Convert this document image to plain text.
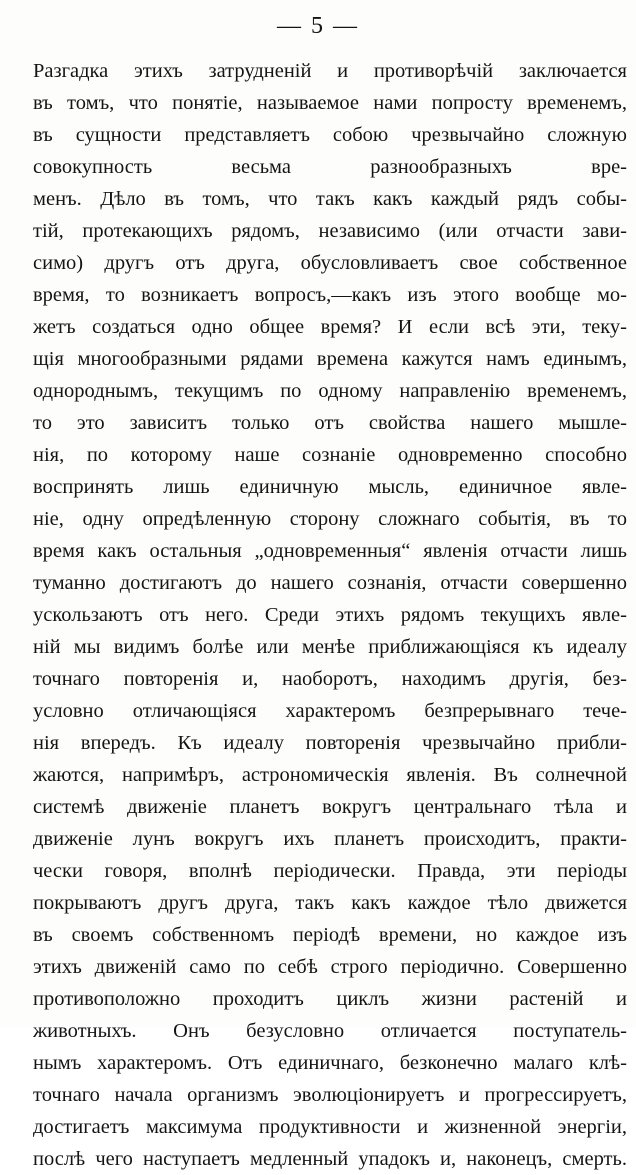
— 5 —
Разгадка этихъ затрудненiй и противорѣчiй заключается
въ томъ, что понятiе, называемое нами попросту временемъ,
въ сущности представляетъ собою чрезвычайно сложную
совокупность весьма разнообразныхъ вре-
менъ. Дѣло въ томъ, что такъ какъ каждый рядъ собы-
тiй, протекающихъ рядомъ, независимо (или отчасти зави-
симо) другъ отъ друга, обусловливаетъ свое собственное
время, то возникаетъ вопросъ,—какъ изъ этого вообще мо-
жетъ создаться одно общее время? И если всѣ эти, теку-
щiя многообразными рядами времена кажутся намъ единымъ,
однороднымъ, текущимъ по одному направленiю временемъ,
то это зависитъ только отъ свойства нашего мышле-
нiя, по которому наше сознанiе одновременно способно
воспринять лишь единичную мысль, единичное явле-
нiе, одну опредѣленную сторону сложнаго событiя, въ то
время какъ остальныя „одновременныя“ явленiя отчасти лишь
туманно достигаютъ до нашего сознанiя, отчасти совершенно
ускользаютъ отъ него. Среди этихъ рядомъ текущихъ явле-
нiй мы видимъ болѣе или менѣе приближающiяся къ идеалу
точнаго повторенiя и, наоборотъ, находимъ другiя, без-
условно отличающiяся характеромъ безпрерывнаго тече-
нiя впередъ. Къ идеалу повторенiя чрезвычайно прибли-
жаются, напримѣръ, астрономическiя явленiя. Въ солнечной
системѣ движенiе планетъ вокругъ центральнаго тѣла и
движенiе лунъ вокругъ ихъ планетъ происходитъ, практи-
чески говоря, вполнѣ періодически. Правда, эти перiоды
покрываютъ другъ друга, такъ какъ каждое тѣло движется
въ своемъ собственномъ перiодѣ времени, но каждое изъ
этихъ движенiй само по себѣ строго перiодично. Совершенно
противоположно проходитъ циклъ жизни растенiй и
животныхъ. Онъ безусловно отличается поступатель-
нымъ характеромъ. Отъ единичнаго, безконечно малаго клѣ-
точнаго начала организмъ эволюцiонируетъ и прогрессируетъ,
достигаетъ максимума продуктивности и жизненной энергiи,
послѣ чего наступаетъ медленный упадокъ и, наконецъ, смерть.
